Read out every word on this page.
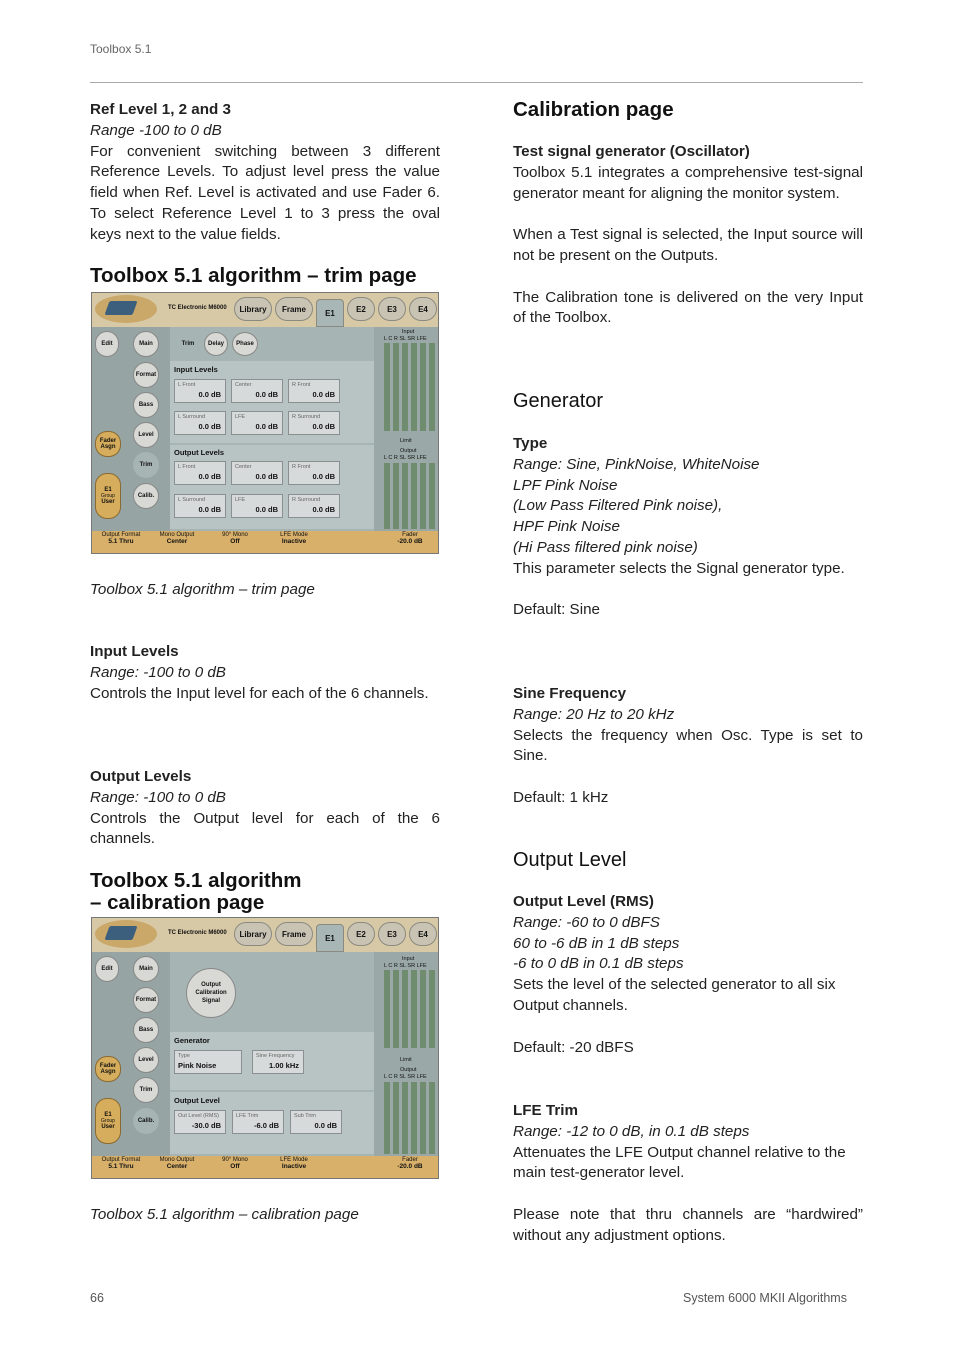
Toolbox 5.1

Ref Level 1, 2 and 3

Range -100 to 0 dB

For convenient switching between 3 different Reference Levels. To adjust level press the value field when Ref. Level is activated and use Fader 6. To select Reference Level 1 to 3 press the oval keys next to the value fields.

Toolbox 5.1 algorithm – trim page
TC Electronic M6000	Library	Frame	E1	E2	E3	E4
Edit	Main
Format
Bass
Level
Trim
Calib.
Fader Asgn
E1
Group
User
Trim	Delay	Phase
Input Levels
L Front
0.0 dB
Center
0.0 dB
R Front
0.0 dB
L Surround
0.0 dB
LFE
0.0 dB
R Surround
0.0 dB
Output Levels
L Front
0.0 dB
Center
0.0 dB
R Front
0.0 dB
L Surround
0.0 dB
LFE
0.0 dB
R Surround
0.0 dB
Input
L C R SL SR LFE
Limit
Output
L C R SL SR LFE
Output Format
5.1 Thru
Mono Output
Center
90° Mono
Off
LFE Mode
Inactive
Fader
-20.0 dB
Toolbox 5.1 algorithm – trim page

Input Levels

Range: -100 to 0 dB

Controls the Input level for each of the 6 channels.

Output Levels

Range: -100 to 0 dB

Controls the Output level for each of the 6 channels.

Toolbox 5.1 algorithm
– calibration page
TC Electronic M6000	Library	Frame	E1	E2	E3	E4
Edit	Main
Format
Bass
Level
Trim
Calib.
Fader Asgn
E1
Group
User
Output Calibration Signal
Generator
Type
Pink Noise
Sine Frequency
1.00 kHz
Output Level
Out Level (RMS)
-30.0 dB
LFE Trim
-6.0 dB
Sub Trim
0.0 dB
Input
L C R SL SR LFE
Limit
Output
L C R SL SR LFE
Output Format
5.1 Thru
Mono Output
Center
90° Mono
Off
LFE Mode
Inactive
Fader
-20.0 dB
Toolbox 5.1 algorithm – calibration page
Calibration page

Test signal generator (Oscillator)

Toolbox 5.1 integrates a comprehensive test-signal generator meant for aligning the monitor system.

When a Test signal is selected, the Input source will not be present on the Outputs.

The Calibration tone is delivered on the very Input of the Toolbox.

Generator

Type

Range: Sine, PinkNoise, WhiteNoise

LPF Pink Noise

(Low Pass Filtered Pink noise),

HPF Pink Noise

(Hi Pass filtered pink noise)

This parameter selects the Signal generator type.

Default: Sine

Sine Frequency

Range: 20 Hz to 20 kHz

Selects the frequency when Osc. Type is set to Sine.

Default: 1 kHz

Output Level

Output Level (RMS)

Range: -60 to 0 dBFS

60 to -6 dB in 1 dB steps

-6 to 0 dB in 0.1 dB steps

Sets the level of the selected generator to all six Output channels.

Default: -20 dBFS

LFE Trim

Range: -12 to 0 dB, in 0.1 dB steps

Attenuates the LFE Output channel relative to the main test-generator level.

Please note that thru channels are “hardwired” without any adjustment options.

66	System 6000 MKII Algorithms
